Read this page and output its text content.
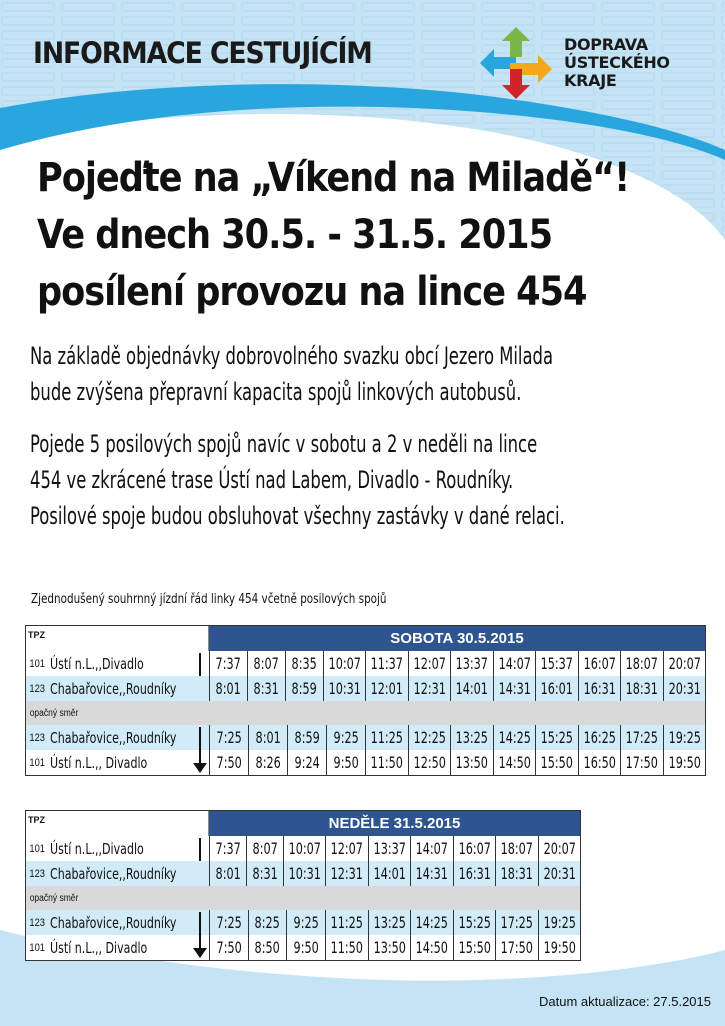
INFORMACE CESTUJÍCÍM	DOPRAVA
ÚSTECKÉHO
KRAJE
Pojeďte na „Víkend na Miladě“!
Ve dnech 30.5. - 31.5. 2015
posílení provozu na lince 454
Na základě objednávky dobrovolného svazku obcí Jezero Milada
bude zvýšena přepravní kapacita spojů linkových autobusů.
Pojede 5 posilových spojů navíc v sobotu a 2 v neděli na lince
454 ve zkrácené trase Ústí nad Labem, Divadlo - Roudníky.
Posilové spoje budou obsluhovat všechny zastávky v dané relaci.
Zjednodušený souhrnný jízdní řád linky 454 včetně posilových spojů
TPZ	SOBOTA 30.5.2015
101 Ústí n.L.,,Divadlo	7:37 8:07 8:35 10:07 11:37 12:07 13:37 14:07 15:37 16:07 18:07 20:07
123 Chabařovice,,Roudníky 8:01 8:31 8:59 10:31 12:01 12:31 14:01 14:31 16:01 16:31 18:31 20:31
opačný směr
123 Chabařovice,,Roudníky 7:25 8:01 8:59 9:25 11:25 12:25 13:25 14:25 15:25 16:25 17:25 19:25
101 Ústí n.L.,, Divadlo	7:50 8:26 9:24 9:50 11:50 12:50 13:50 14:50 15:50 16:50 17:50 19:50
TPZ	NEDĚLE 31.5.2015
101 Ústí n.L.,,Divadlo	7:37 8:07 10:07 12:07 13:37 14:07 16:07 18:07 20:07
123 Chabařovice,,Roudníky 8:01 8:31 10:31 12:31 14:01 14:31 16:31 18:31 20:31
opačný směr
123 Chabařovice,,Roudníky 7:25 8:25 9:25 11:25 13:25 14:25 15:25 17:25 19:25
101 Ústí n.L.,, Divadlo	7:50 8:50 9:50 11:50 13:50 14:50 15:50 17:50 19:50
Datum aktualizace: 27.5.2015
